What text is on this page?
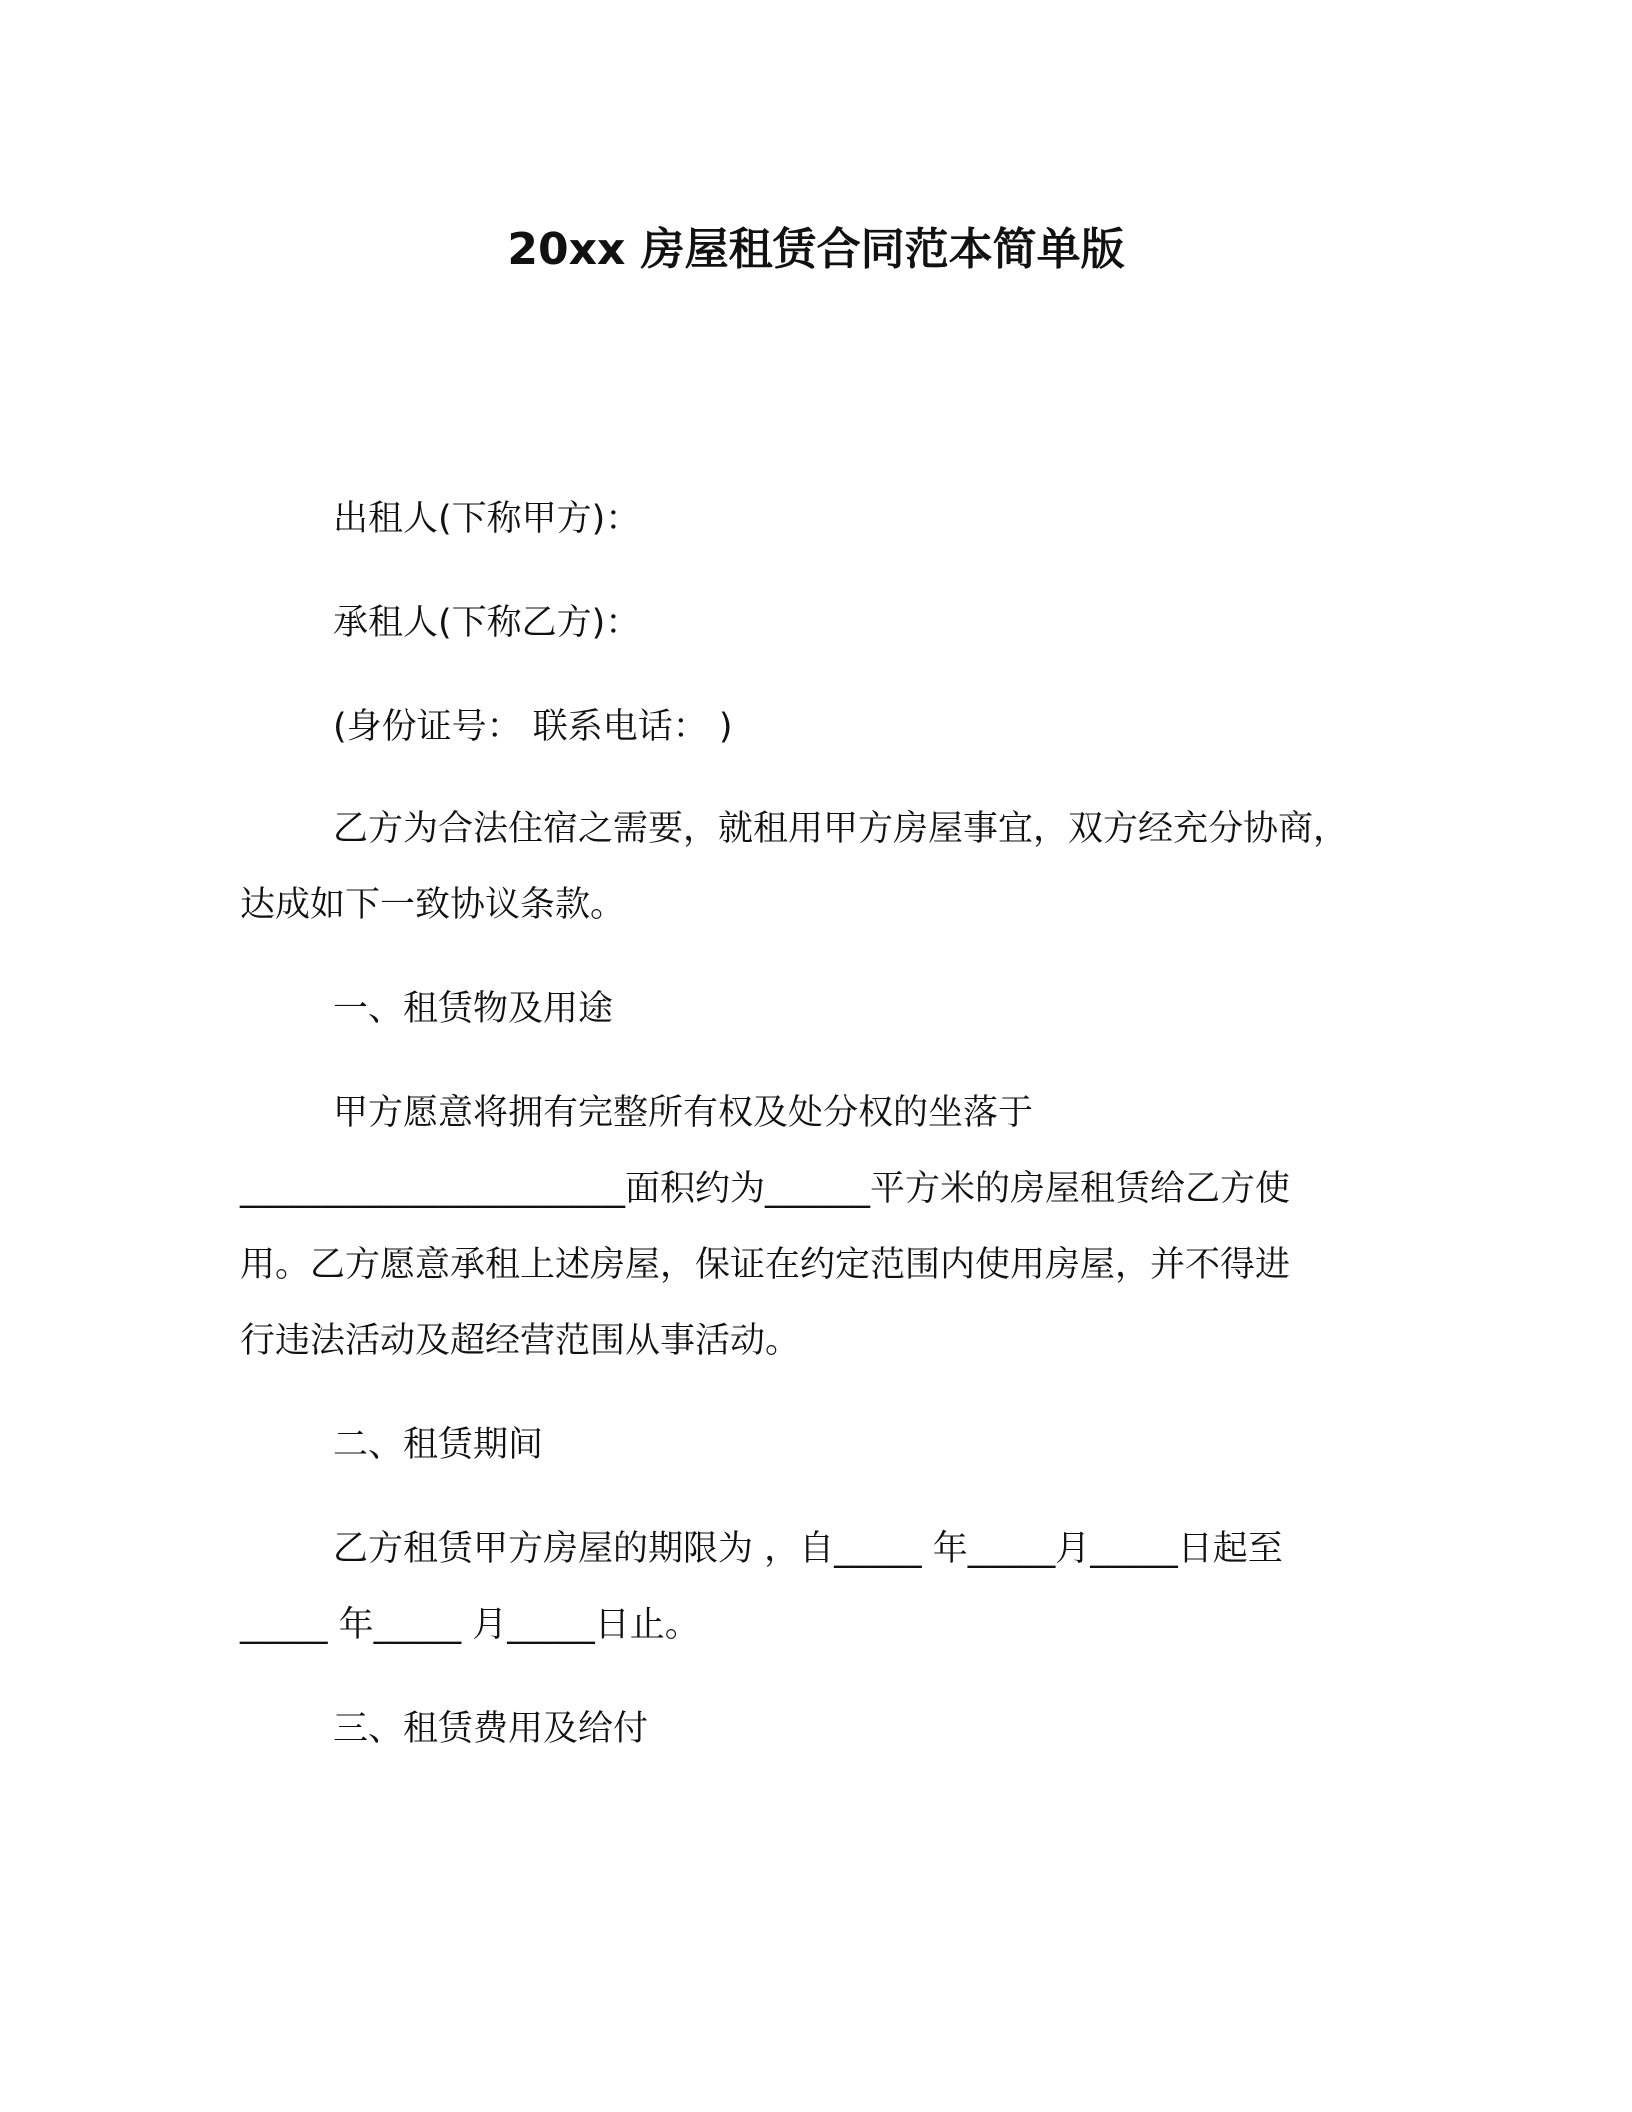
20xx 房屋租赁合同范本简单版
出租人(下称甲方)：
承租人(下称乙方)：
(身份证号： 联系电话： )
乙方为合法住宿之需要，就租用甲方房屋事宜，双方经充分协商，
达成如下一致协议条款。
一、租赁物及用途
甲方愿意将拥有完整所有权及处分权的坐落于
______________________面积约为______平方米的房屋租赁给乙方使
用。乙方愿意承租上述房屋，保证在约定范围内使用房屋，并不得进
行违法活动及超经营范围从事活动。
二、租赁期间
乙方租赁甲方房屋的期限为 ，自_____ 年_____月_____日起至
_____ 年_____ 月_____日止。
三、租赁费用及给付
